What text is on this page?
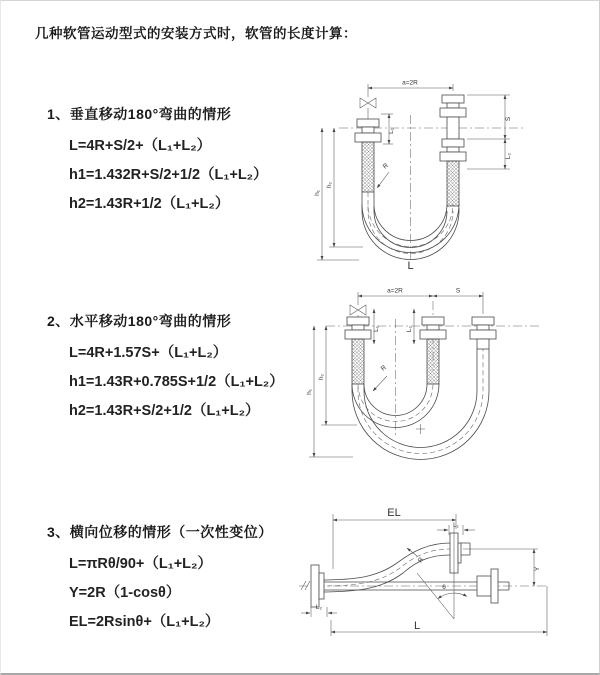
几种软管运动型式的安装方式时，软管的长度计算：
1、垂直移动180°弯曲的情形
L=4R+S/2+（L₁+L₂）
h1=1.432R+S/2+1/2（L₁+L₂）
h2=1.43R+1/2（L₁+L₂）
a=2R
R
h₁
h₂
L₁
S
L₂
L
2、水平移动180°弯曲的情形
L=4R+1.57S+（L₁+L₂）
h1=1.43R+0.785S+1/2（L₁+L₂）
h2=1.43R+S/2+1/2（L₁+L₂）
a=2R	S
R
h₁
h₂
L₁	L₂
3、横向位移的情形（一次性变位）
L=πRθ/90+（L₁+L₂）
Y=2R（1-cosθ）
EL=2Rsinθ+（L₁+L₂）
EL
L₁
θ
R
Y
L₂
L
